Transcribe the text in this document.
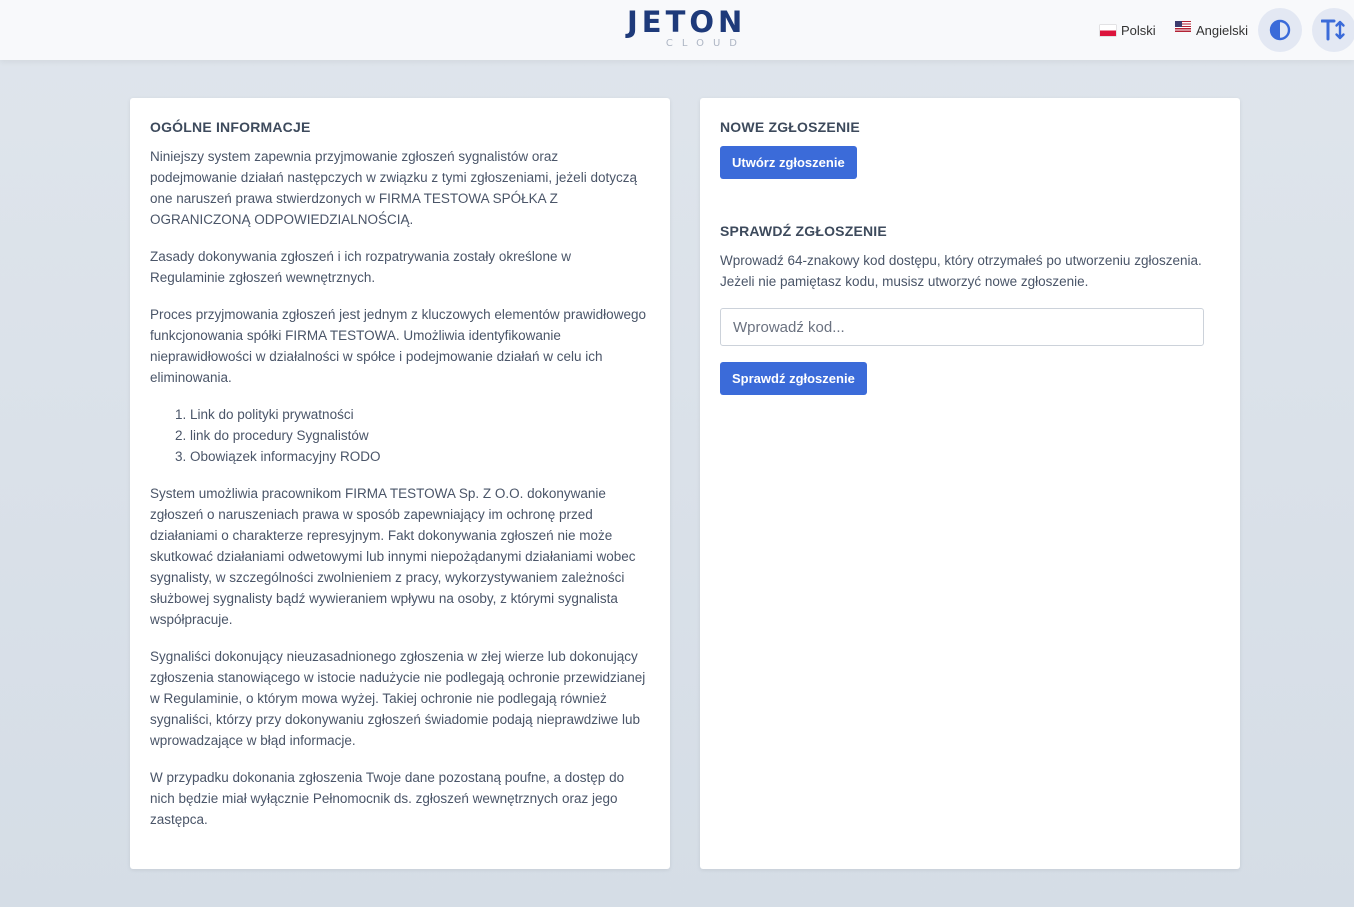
JETON
CLOUD
Polski	Angielski
OGÓLNE INFORMACJE

Niniejszy system zapewnia przyjmowanie zgłoszeń sygnalistów oraz podejmowanie działań następczych w związku z tymi zgłoszeniami, jeżeli dotyczą one naruszeń prawa stwierdzonych w FIRMA TESTOWA SPÓŁKA Z OGRANICZONĄ ODPOWIEDZIALNOŚCIĄ.

Zasady dokonywania zgłoszeń i ich rozpatrywania zostały określone w Regulaminie zgłoszeń wewnętrznych.

Proces przyjmowania zgłoszeń jest jednym z kluczowych elementów prawidłowego funkcjonowania spółki FIRMA TESTOWA. Umożliwia identyfikowanie nieprawidłowości w działalności w spółce i podejmowanie działań w celu ich eliminowania.

1. Link do polityki prywatności
2. link do procedury Sygnalistów
3. Obowiązek informacyjny RODO

System umożliwia pracownikom FIRMA TESTOWA Sp. Z O.O. dokonywanie zgłoszeń o naruszeniach prawa w sposób zapewniający im ochronę przed działaniami o charakterze represyjnym. Fakt dokonywania zgłoszeń nie może skutkować działaniami odwetowymi lub innymi niepożądanymi działaniami wobec sygnalisty, w szczególności zwolnieniem z pracy, wykorzystywaniem zależności służbowej sygnalisty bądź wywieraniem wpływu na osoby, z którymi sygnalista współpracuje.

Sygnaliści dokonujący nieuzasadnionego zgłoszenia w złej wierze lub dokonujący zgłoszenia stanowiącego w istocie nadużycie nie podlegają ochronie przewidzianej w Regulaminie, o którym mowa wyżej. Takiej ochronie nie podlegają również sygnaliści, którzy przy dokonywaniu zgłoszeń świadomie podają nieprawdziwe lub wprowadzające w błąd informacje.

W przypadku dokonania zgłoszenia Twoje dane pozostaną poufne, a dostęp do nich będzie miał wyłącznie Pełnomocnik ds. zgłoszeń wewnętrznych oraz jego zastępca.

NOWE ZGŁOSZENIE
Utwórz zgłoszenie
SPRAWDŹ ZGŁOSZENIE

Wprowadź 64-znakowy kod dostępu, który otrzymałeś po utworzeniu zgłoszenia. Jeżeli nie pamiętasz kodu, musisz utworzyć nowe zgłoszenie.

Wprowadź kod... Sprawdź zgłoszenie
